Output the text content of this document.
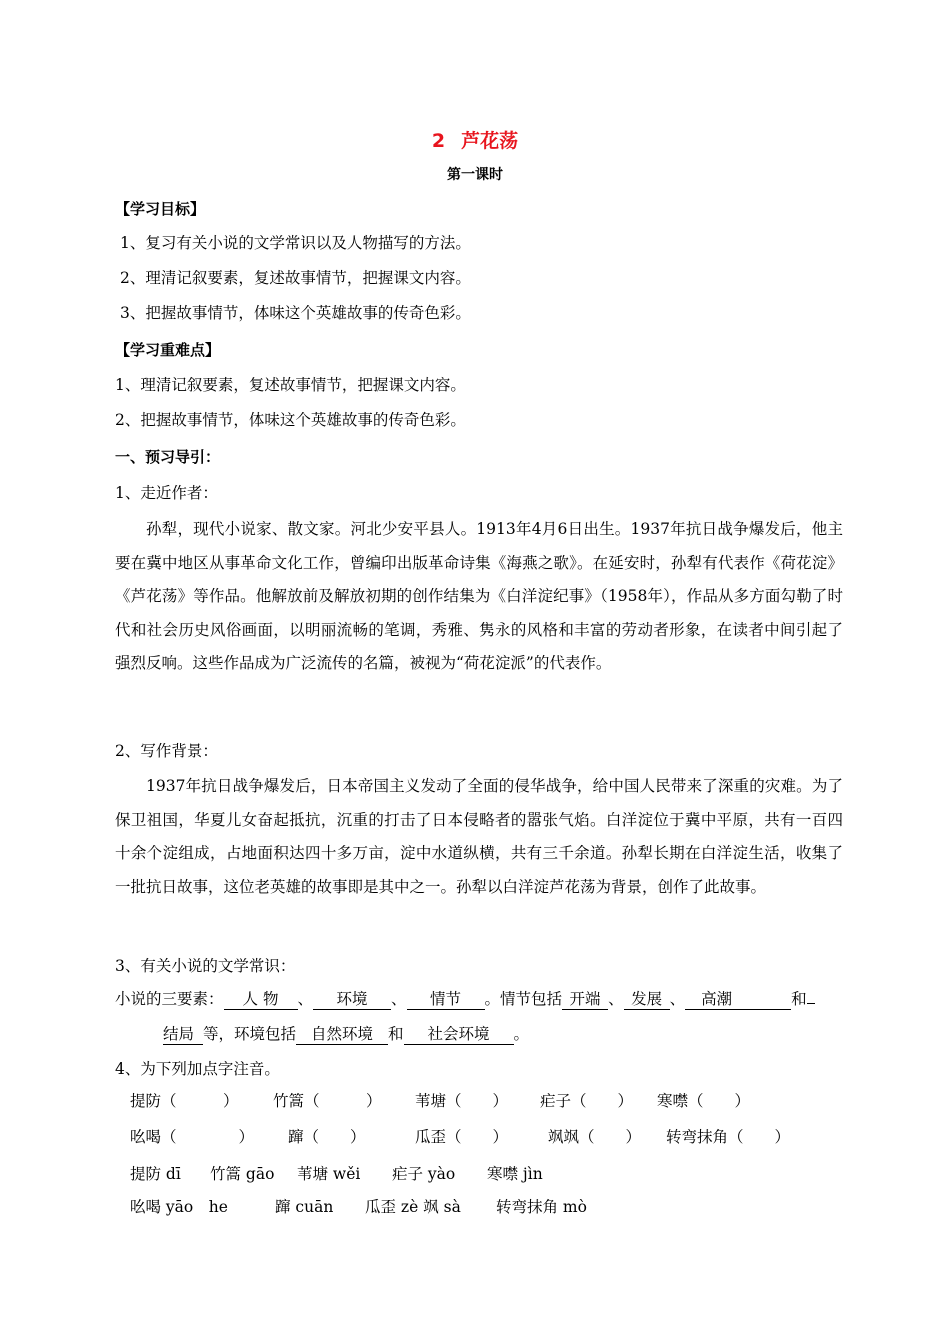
2 芦花荡
第一课时
【学习目标】
1、复习有关小说的文学常识以及人物描写的方法。
2、理清记叙要素，复述故事情节，把握课文内容。
3、把握故事情节，体味这个英雄故事的传奇色彩。
【学习重难点】
1、理清记叙要素，复述故事情节，把握课文内容。
2、把握故事情节，体味这个英雄故事的传奇色彩。
一、预习导引：
1、走近作者：
孙犁，现代小说家、散文家。河北少安平县人。1913年4月6日出生。1937年抗日战争爆发后，他主要在冀中地区从事革命文化工作，曾编印出版革命诗集《海燕之歌》。在延安时，孙犁有代表作《荷花淀》《芦花荡》等作品。他解放前及解放初期的创作结集为《白洋淀纪事》（1958年），作品从多方面勾勒了时代和社会历史风俗画面，以明丽流畅的笔调，秀雅、隽永的风格和丰富的劳动者形象，在读者中间引起了强烈反响。这些作品成为广泛流传的名篇，被视为“荷花淀派”的代表作。
2、写作背景：
1937年抗日战争爆发后，日本帝国主义发动了全面的侵华战争，给中国人民带来了深重的灾难。为了保卫祖国，华夏儿女奋起抵抗，沉重的打击了日本侵略者的嚣张气焰。白洋淀位于冀中平原，共有一百四十余个淀组成，占地面积达四十多万亩，淀中水道纵横，共有三千余道。孙犁长期在白洋淀生活，收集了一批抗日故事，这位老英雄的故事即是其中之一。孙犁以白洋淀芦花荡为背景，创作了此故事。
3、有关小说的文学常识：
小说的三要素： 人 物 、 环境 、 情节 。情节包括 开端 、 发展 、 高潮	和
结局 等，环境包括 自然环境 和 社会环境 。
4、为下列加点字注音。
提防（　　　） 竹篙（　　　） 苇塘（　　） 疟子（　　） 寒噤（　　）
吆喝（　　　　） 蹿（　　）	瓜歪（　　）	飒飒（　　） 转弯抹角（　　）
提防 dī 竹篙 gāo 苇塘 wěi 疟子 yào 寒噤 jìn
吆喝 yāo　he	蹿 cuān 瓜歪 zè 飒 sà 转弯抹角 mò
